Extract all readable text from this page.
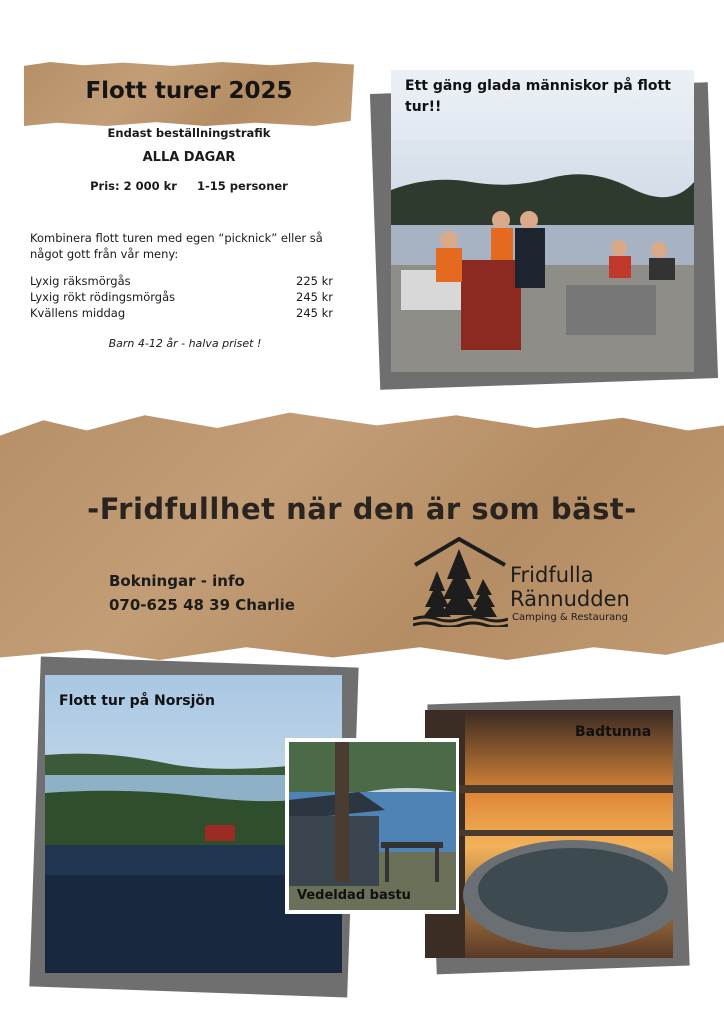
Flott turer 2025
Endast beställningstrafik
ALLA DAGAR
Pris: 2 000 kr 1-15 personer
Kombinera flott turen med egen “picknick” eller så något gott från vår meny:
Lyxig räksmörgås	225 kr
Lyxig rökt rödingsmörgås	245 kr
Kvällens middag	245 kr
Barn 4-12 år - halva priset !
Ett gäng glada människor på flott tur!!
-Fridfullhet när den är som bäst-
Bokningar - info
070-625 48 39 Charlie
Fridfulla
Rännudden
Camping & Restaurang
Flott tur på Norsjön
Badtunna
Vedeldad bastu
